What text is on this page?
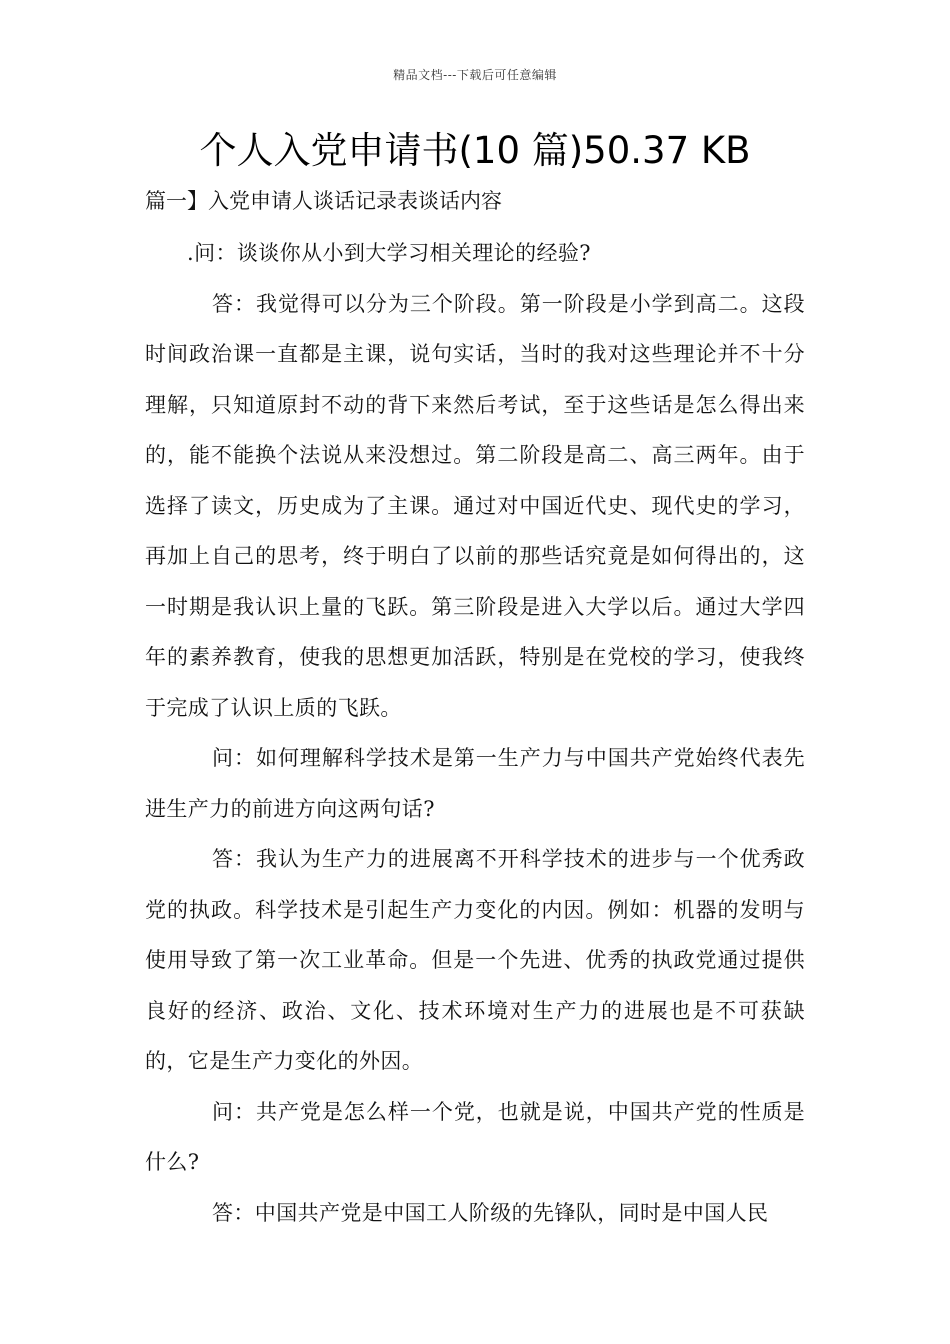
精品文档---下载后可任意编辑
个人入党申请书(10 篇)50.37 KB

篇一】入党申请人谈话记录表谈话内容

.问：谈谈你从小到大学习相关理论的经验?

答：我觉得可以分为三个阶段。第一阶段是小学到高二。这段时间政治课一直都是主课，说句实话，当时的我对这些理论并不十分理解，只知道原封不动的背下来然后考试，至于这些话是怎么得出来的，能不能换个法说从来没想过。第二阶段是高二、高三两年。由于选择了读文，历史成为了主课。通过对中国近代史、现代史的学习，再加上自己的思考，终于明白了以前的那些话究竟是如何得出的，这一时期是我认识上量的飞跃。第三阶段是进入大学以后。通过大学四年的素养教育，使我的思想更加活跃，特别是在党校的学习，使我终于完成了认识上质的飞跃。

问：如何理解科学技术是第一生产力与中国共产党始终代表先进生产力的前进方向这两句话?

答：我认为生产力的进展离不开科学技术的进步与一个优秀政党的执政。科学技术是引起生产力变化的内因。例如：机器的发明与使用导致了第一次工业革命。但是一个先进、优秀的执政党通过提供良好的经济、政治、文化、技术环境对生产力的进展也是不可获缺的，它是生产力变化的外因。

问：共产党是怎么样一个党，也就是说，中国共产党的性质是什么?

答：中国共产党是中国工人阶级的先锋队，同时是中国人民
